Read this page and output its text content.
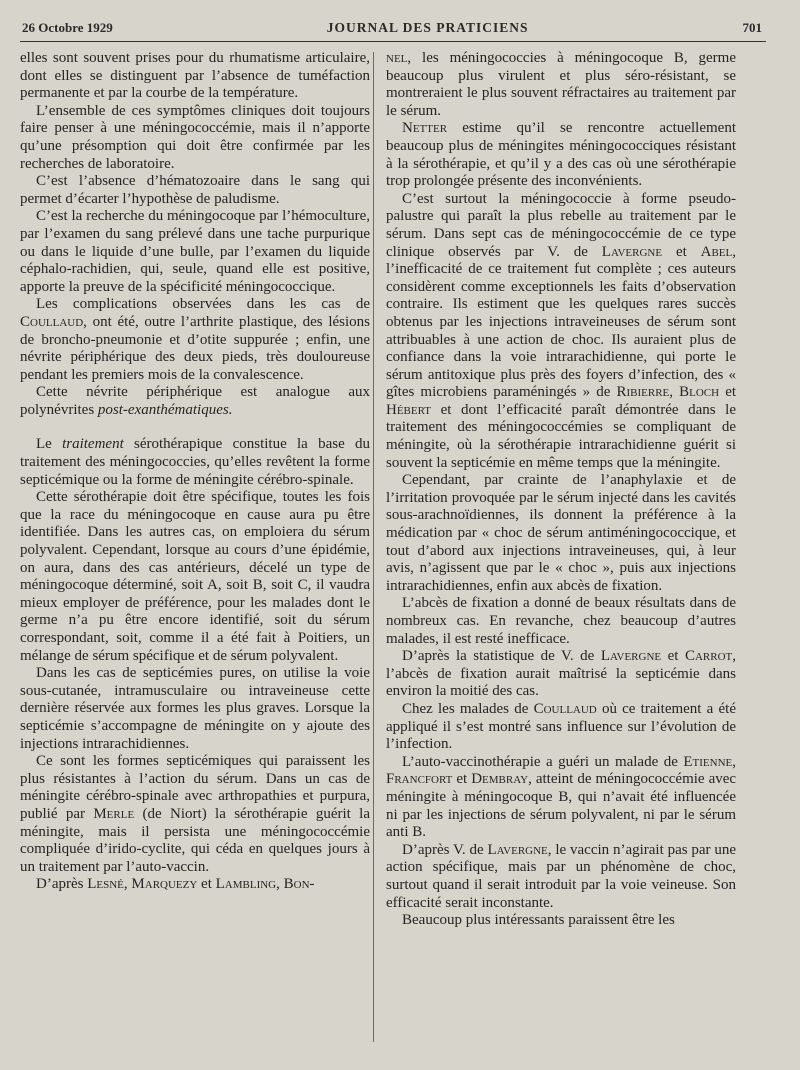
26 Octobre 1929	JOURNAL DES PRATICIENS	701

elles sont souvent prises pour du rhumatisme articulaire, dont elles se distinguent par l’absence de tuméfaction permanente et par la courbe de la température.

L’ensemble de ces symptômes cliniques doit toujours faire penser à une méningococcémie, mais il n’apporte qu’une présomption qui doit être confirmée par les recherches de laboratoire.

C’est l’absence d’hématozoaire dans le sang qui permet d’écarter l’hypothèse de paludisme.

C’est la recherche du méningocoque par l’hémoculture, par l’examen du sang prélevé dans une tache purpurique ou dans le liquide d’une bulle, par l’examen du liquide céphalo-rachidien, qui, seule, quand elle est positive, apporte la preuve de la spécificité méningococcique.

Les complications observées dans les cas de Coullaud, ont été, outre l’arthrite plastique, des lésions de broncho-pneumonie et d’otite suppurée ; enfin, une névrite périphérique des deux pieds, très douloureuse pendant les premiers mois de la convalescence.

Cette névrite périphérique est analogue aux polynévrites post-exanthématiques.

Le traitement sérothérapique constitue la base du traitement des méningococcies, qu’elles revêtent la forme septicémique ou la forme de méningite cérébro-spinale.

Cette sérothérapie doit être spécifique, toutes les fois que la race du méningocoque en cause aura pu être identifiée. Dans les autres cas, on emploiera du sérum polyvalent. Cependant, lorsque au cours d’une épidémie, on aura, dans des cas antérieurs, décelé un type de méningocoque déterminé, soit A, soit B, soit C, il vaudra mieux employer de préférence, pour les malades dont le germe n’a pu être encore identifié, soit du sérum correspondant, soit, comme il a été fait à Poitiers, un mélange de sérum spécifique et de sérum polyvalent.

Dans les cas de septicémies pures, on utilise la voie sous-cutanée, intramusculaire ou intraveineuse cette dernière réservée aux formes les plus graves. Lorsque la septicémie s’accompagne de méningite on y ajoute des injections intrarachidiennes.

Ce sont les formes septicémiques qui paraissent les plus résistantes à l’action du sérum. Dans un cas de méningite cérébro-spinale avec arthropathies et purpura, publié par Merle (de Niort) la sérothérapie guérit la méningite, mais il persista une méningococcémie compliquée d’irido-cyclite, qui céda en quelques jours à un traitement par l’auto-vaccin.

D’après Lesné, Marquezy et Lambling, Bon-

nel, les méningococcies à méningocoque B, germe beaucoup plus virulent et plus séro-résistant, se montreraient le plus souvent réfractaires au traitement par le sérum.

Netter estime qu’il se rencontre actuellement beaucoup plus de méningites méningococciques résistant à la sérothérapie, et qu’il y a des cas où une sérothérapie trop prolongée présente des inconvénients.

C’est surtout la méningococcie à forme pseudo-palustre qui paraît la plus rebelle au traitement par le sérum. Dans sept cas de méningococcémie de ce type clinique observés par V. de Lavergne et Abel, l’inefficacité de ce traitement fut complète ; ces auteurs considèrent comme exceptionnels les faits d’observation contraire. Ils estiment que les quelques rares succès obtenus par les injections intraveineuses de sérum sont attribuables à une action de choc. Ils auraient plus de confiance dans la voie intrarachidienne, qui porte le sérum antitoxique plus près des foyers d’infection, des « gîtes microbiens paraméningés » de Ribierre, Bloch et Hébert et dont l’efficacité paraît démontrée dans le traitement des méningococcémies se compliquant de méningite, où la sérothérapie intrarachidienne guérit si souvent la septicémie en même temps que la méningite.

Cependant, par crainte de l’anaphylaxie et de l’irritation provoquée par le sérum injecté dans les cavités sous-arachnoïdiennes, ils donnent la préférence à la médication par « choc de sérum antiméningococcique, et tout d’abord aux injections intraveineuses, qui, à leur avis, n’agissent que par le « choc », puis aux injections intrarachidiennes, enfin aux abcès de fixation.

L’abcès de fixation a donné de beaux résultats dans de nombreux cas. En revanche, chez beaucoup d’autres malades, il est resté inefficace.

D’après la statistique de V. de Lavergne et Carrot, l’abcès de fixation aurait maîtrisé la septicémie dans environ la moitié des cas.

Chez les malades de Coullaud où ce traitement a été appliqué il s’est montré sans influence sur l’évolution de l’infection.

L’auto-vaccinothérapie a guéri un malade de Etienne, Francfort et Dembray, atteint de méningococcémie avec méningite à méningocoque B, qui n’avait été influencée ni par les injections de sérum polyvalent, ni par le sérum anti B.

D’après V. de Lavergne, le vaccin n’agirait pas par une action spécifique, mais par un phénomène de choc, surtout quand il serait introduit par la voie veineuse. Son efficacité serait inconstante.

Beaucoup plus intéressants paraissent être les
